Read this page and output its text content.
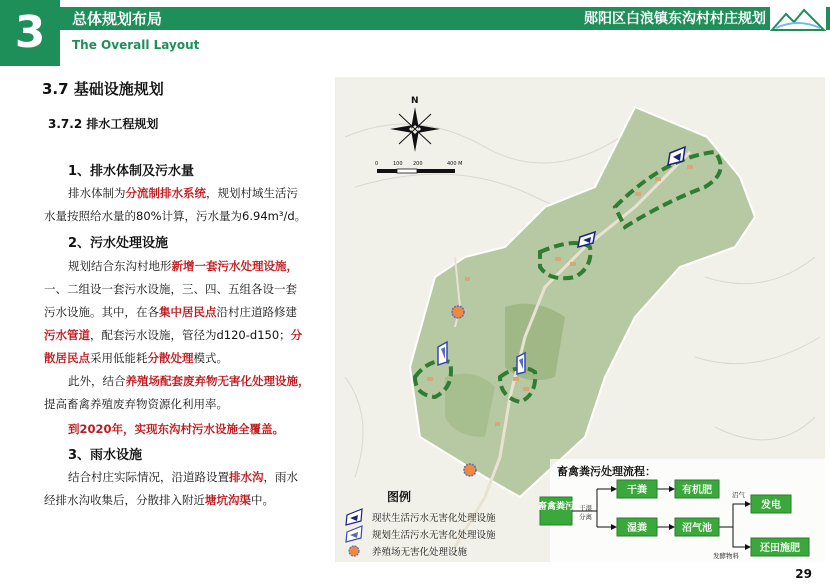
3	总体规划布局
The Overall Layout
郧阳区白浪镇东沟村村庄规划
3.7 基础设施规划
3.7.2 排水工程规划
1、排水体制及污水量
排水体制为分流制排水系统，规划村域生活污
水量按照给水量的80%计算，污水量为6.94m³/d。
2、污水处理设施
规划结合东沟村地形新增一套污水处理设施，
一、二组设一套污水设施，三、四、五组各设一套
污水设施。其中，在各集中居民点沿村庄道路修建
污水管道，配套污水设施，管径为d120-d150；分
散居民点采用低能耗分散处理模式。
此外，结合养殖场配套废弃物无害化处理设施，
提高畜禽养殖废弃物资源化利用率。
到2020年，实现东沟村污水设施全覆盖。
3、雨水设施
结合村庄实际情况，沿道路设置排水沟，雨水
经排水沟收集后，分散排入附近塘坑沟渠中。
N
0	100 200	400 M
图例
现状生活污水无害化处理设施
规划生活污水无害化处理设施
养殖场无害化处理设施
畜禽粪污处理流程：
畜禽粪污 干湿
分离
干粪	有机肥
湿粪	沼气池
沼气
发电
发酵物料
还田施肥
29
